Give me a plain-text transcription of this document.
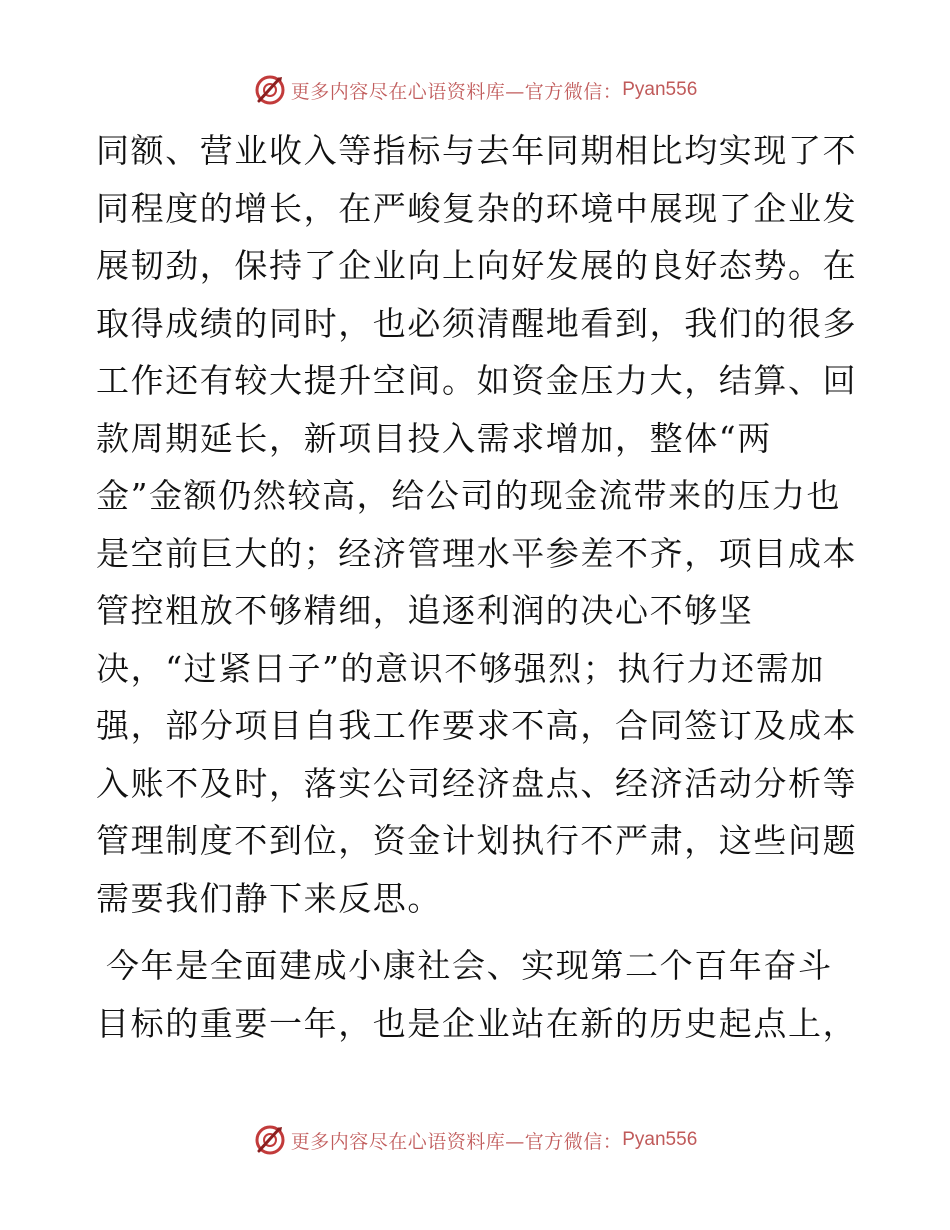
更多内容尽在心语资料库—官方微信： Pyan556
同额、营业收入等指标与去年同期相比均实现了不
同程度的增长，在严峻复杂的环境中展现了企业发
展韧劲，保持了企业向上向好发展的良好态势。在
取得成绩的同时，也必须清醒地看到，我们的很多
工作还有较大提升空间。如资金压力大，结算、回
款周期延长，新项目投入需求增加，整体“两
金”金额仍然较高，给公司的现金流带来的压力也
是空前巨大的；经济管理水平参差不齐，项目成本
管控粗放不够精细，追逐利润的决心不够坚
决，“过紧日子”的意识不够强烈；执行力还需加
强，部分项目自我工作要求不高，合同签订及成本
入账不及时，落实公司经济盘点、经济活动分析等
管理制度不到位，资金计划执行不严肃，这些问题
需要我们静下来反思。
今年是全面建成小康社会、实现第二个百年奋斗
目标的重要一年，也是企业站在新的历史起点上，
更多内容尽在心语资料库—官方微信： Pyan556
